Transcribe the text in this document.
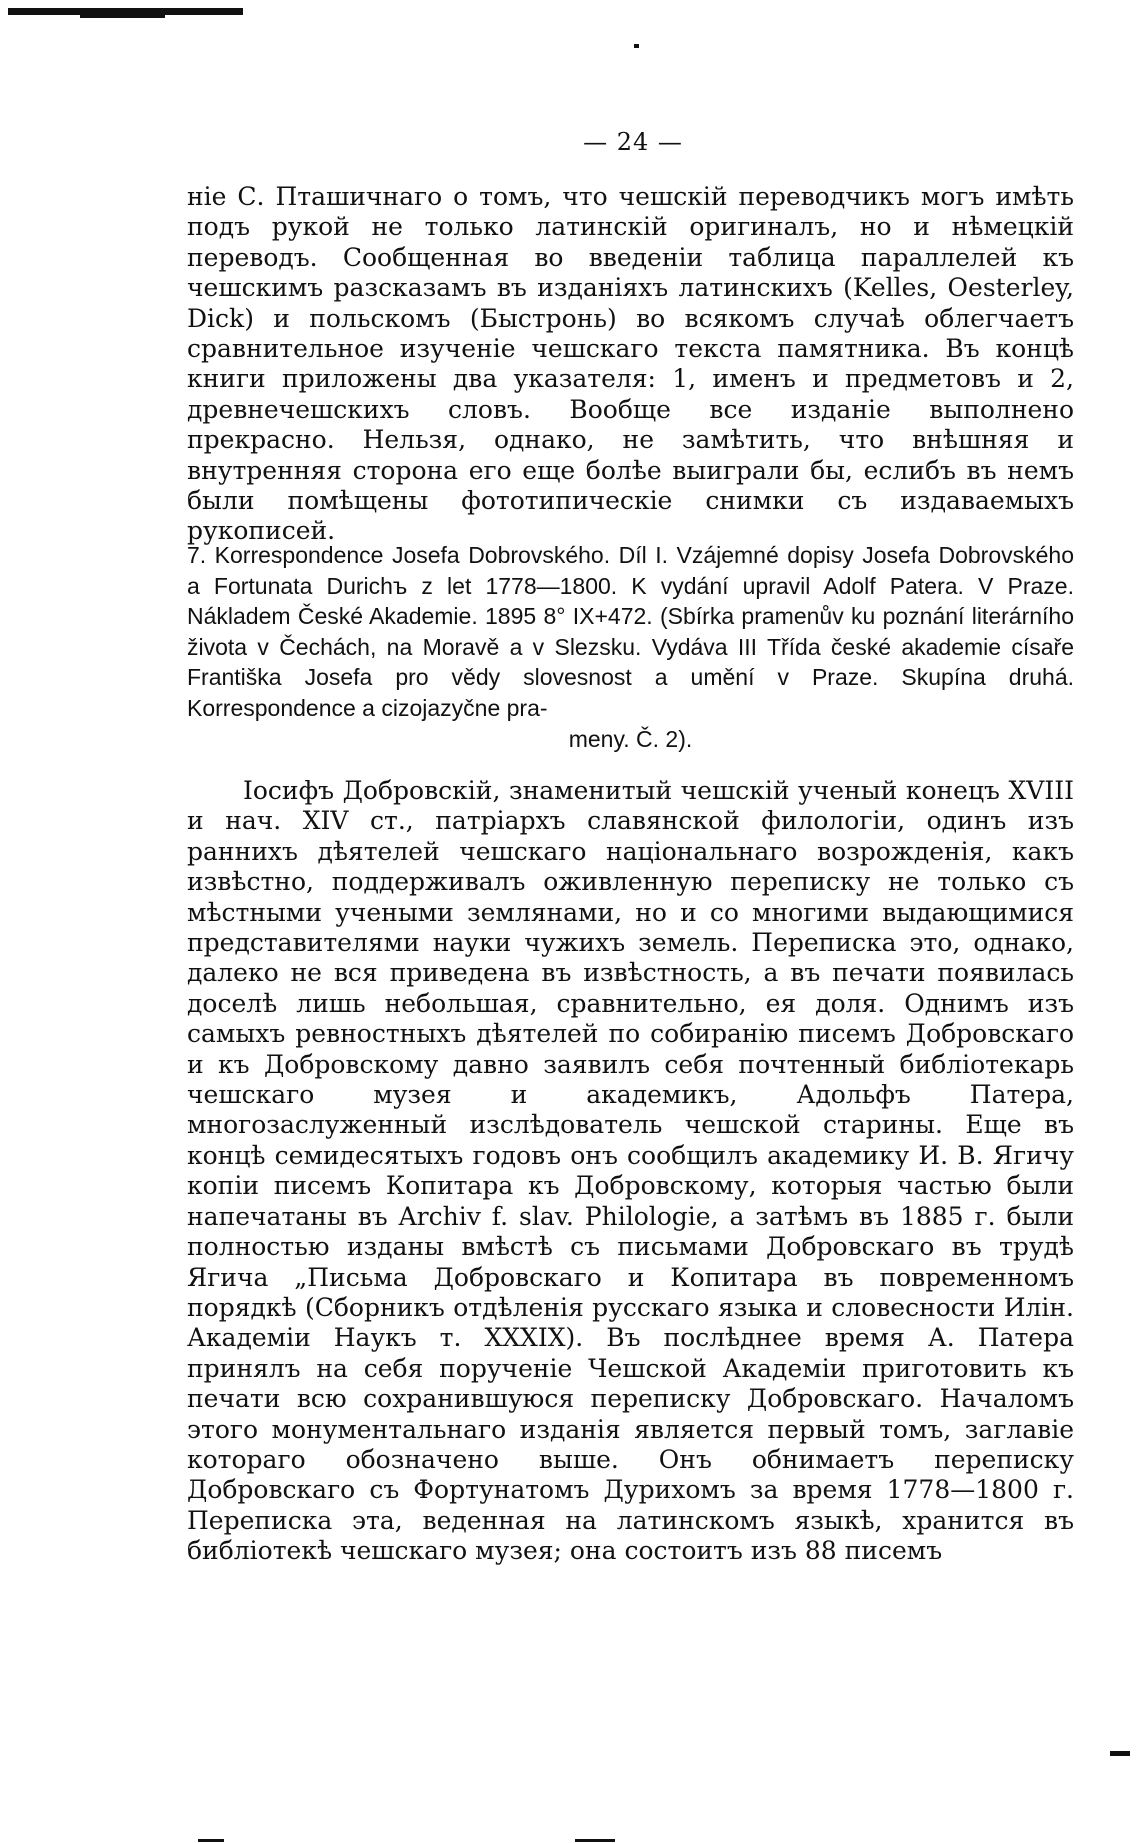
— 24 —
ніе С. Пташичнаго о томъ, что чешскій переводчикъ могъ имѣть подъ рукой не только латинскій оригиналъ, но и нѣмецкій переводъ. Сообщенная во введеніи таблица параллелей къ чешскимъ разсказамъ въ изданіяхъ латинскихъ (Kelles, Oesterley, Dick) и польскомъ (Быстронь) во всякомъ случаѣ облегчаетъ сравнительное изученіе чешскаго текста памятника. Въ концѣ книги приложены два указателя: 1, именъ и предметовъ и 2, древнечешскихъ словъ. Вообще все изданіе выполнено прекрасно. Нельзя, однако, не замѣтить, что внѣшняя и внутренняя сторона его еще болѣе выиграли бы, еслибъ въ немъ были помѣщены фототипическіе снимки съ издаваемыхъ рукописей.
7. Korrespondence Josefa Dobrovského. Díl I. Vzájemné dopisy Josefa Dobrovského a Fortunata Durichъ z let 1778—1800. K vydání upravil Adolf Patera. V Praze. Nákladem České Akademie. 1895 8° IX+472. (Sbírka pramenův ku poznání literárního života v Čechách, na Moravě a v Slezsku. Vydáva III Třída české akademie císaře Františka Josefa pro vědy slovesnost a umění v Praze. Skupína druhá. Korrespondence a cizojazyčne pra-
meny. Č. 2).
Іосифъ Добровскій, знаменитый чешскій ученый конецъ XVIII и нач. XIV ст., патріархъ славянской филологіи, одинъ изъ раннихъ дѣятелей чешскаго національнаго возрожденія, какъ извѣстно, поддерживалъ оживленную переписку не только съ мѣстными учеными землянами, но и со многими выдающимися представителями науки чужихъ земель. Переписка это, однако, далеко не вся приведена въ извѣстность, а въ печати появилась доселѣ лишь небольшая, сравнительно, ея доля. Однимъ изъ самыхъ ревностныхъ дѣятелей по собиранію писемъ Добровскаго и къ Добровскому давно заявилъ себя почтенный библіотекарь чешскаго музея и академикъ, Адольфъ Патера, многозаслуженный изслѣдователь чешской старины. Еще въ концѣ семидесятыхъ годовъ онъ сообщилъ академику И. В. Ягичу копіи писемъ Копитара къ Добровскому, которыя частью были напечатаны въ Archiv f. slav. Philologie, а затѣмъ въ 1885 г. были полностью изданы вмѣстѣ съ письмами Добровскаго въ трудѣ Ягича „Письма Добровскаго и Копитара въ повременномъ порядкѣ (Сборникъ отдѣленія русскаго языка и словесности Илін. Академіи Наукъ т. XXXIX). Въ послѣднее время А. Патера принялъ на себя порученіе Чешской Академіи приготовить къ печати всю сохранившуюся переписку Добровскаго. Началомъ этого монументальнаго изданія является первый томъ, заглавіе котораго обозначено выше. Онъ обнимаетъ переписку Добровскаго съ Фортунатомъ Дурихомъ за время 1778—1800 г. Переписка эта, веденная на латинскомъ языкѣ, хранится въ библіотекѣ чешскаго музея; она состоитъ изъ 88 писемъ
